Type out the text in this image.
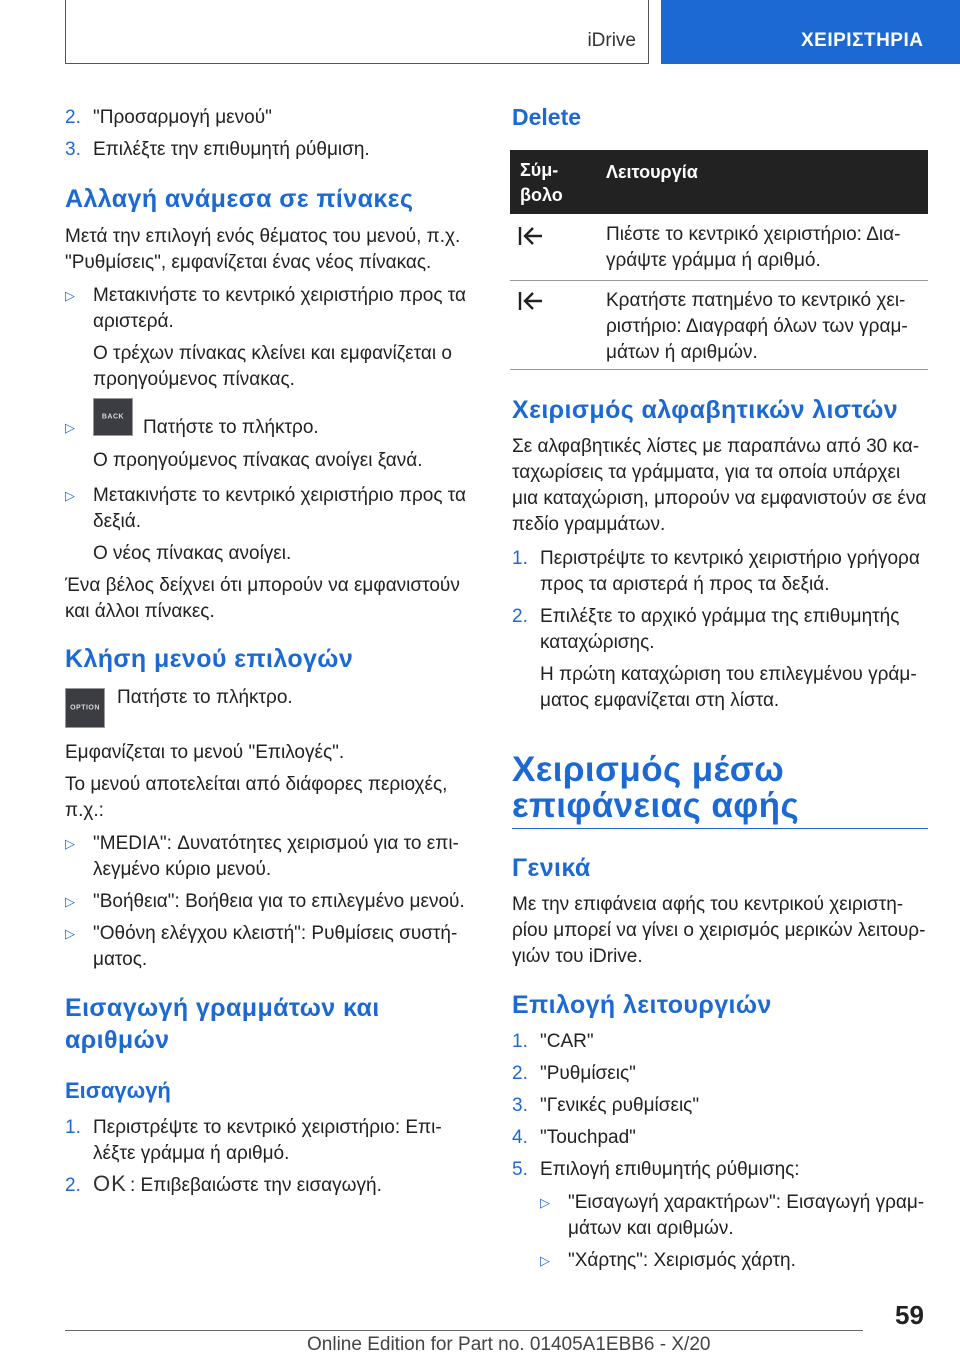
iDrive	ΧΕΙΡΙΣΤΗΡΙΑ
2. "Προσαρμογή μενού"
3. Επιλέξτε την επιθυμητή ρύθμιση.
Αλλαγή ανάμεσα σε πίνακες
Μετά την επιλογή ενός θέματος του μενού, π.χ.
"Ρυθμίσεις", εμφανίζεται ένας νέος πίνακας.
▷ Μετακινήστε το κεντρικό χειριστήριο προς τα
αριστερά.
Ο τρέχων πίνακας κλείνει και εμφανίζεται ο
προηγούμενος πίνακας.
▷
BACK Πατήστε το πλήκτρο.
Ο προηγούμενος πίνακας ανοίγει ξανά.
▷ Μετακινήστε το κεντρικό χειριστήριο προς τα
δεξιά.
Ο νέος πίνακας ανοίγει.
Ένα βέλος δείχνει ότι μπορούν να εμφανιστούν
και άλλοι πίνακες.
Κλήση μενού επιλογών
OPTION Πατήστε το πλήκτρο.
Εμφανίζεται το μενού "Επιλογές".
Το μενού αποτελείται από διάφορες περιοχές,
π.χ.:
▷ "MEDIA": Δυνατότητες χειρισμού για το επι-
λεγμένο κύριο μενού.
▷ "Βοήθεια": Βοήθεια για το επιλεγμένο μενού.
▷ "Οθόνη ελέγχου κλειστή": Ρυθμίσεις συστή-
ματος.
Εισαγωγή γραμμάτων και
αριθμών
Εισαγωγή
1. Περιστρέψτε το κεντρικό χειριστήριο: Επι-
λέξτε γράμμα ή αριθμό.
2. OK : Επιβεβαιώστε την εισαγωγή.
Delete
Σύμ-
βολο
Λειτουργία
Πιέστε το κεντρικό χειριστήριο: Δια-
γράψτε γράμμα ή αριθμό.
Κρατήστε πατημένο το κεντρικό χει-
ριστήριο: Διαγραφή όλων των γραμ-
μάτων ή αριθμών.
Χειρισμός αλφαβητικών λιστών
Σε αλφαβητικές λίστες με παραπάνω από 30 κα-
ταχωρίσεις τα γράμματα, για τα οποία υπάρχει
μια καταχώριση, μπορούν να εμφανιστούν σε ένα
πεδίο γραμμάτων.
1. Περιστρέψτε το κεντρικό χειριστήριο γρήγορα
προς τα αριστερά ή προς τα δεξιά.
2. Επιλέξτε το αρχικό γράμμα της επιθυμητής
καταχώρισης.
Η πρώτη καταχώριση του επιλεγμένου γράμ-
ματος εμφανίζεται στη λίστα.
Χειρισμός μέσω
επιφάνειας αφής
Γενικά
Με την επιφάνεια αφής του κεντρικού χειριστη-
ρίου μπορεί να γίνει ο χειρισμός μερικών λειτουρ-
γιών του iDrive.
Επιλογή λειτουργιών
1. "CAR"
2. "Ρυθμίσεις"
3. "Γενικές ρυθμίσεις"
4. "Touchpad"
5. Επιλογή επιθυμητής ρύθμισης:
▷ "Εισαγωγή χαρακτήρων": Εισαγωγή γραμ-
μάτων και αριθμών.
▷ "Χάρτης": Χειρισμός χάρτη.
59
Online Edition for Part no. 01405A1EBB6 - X/20
